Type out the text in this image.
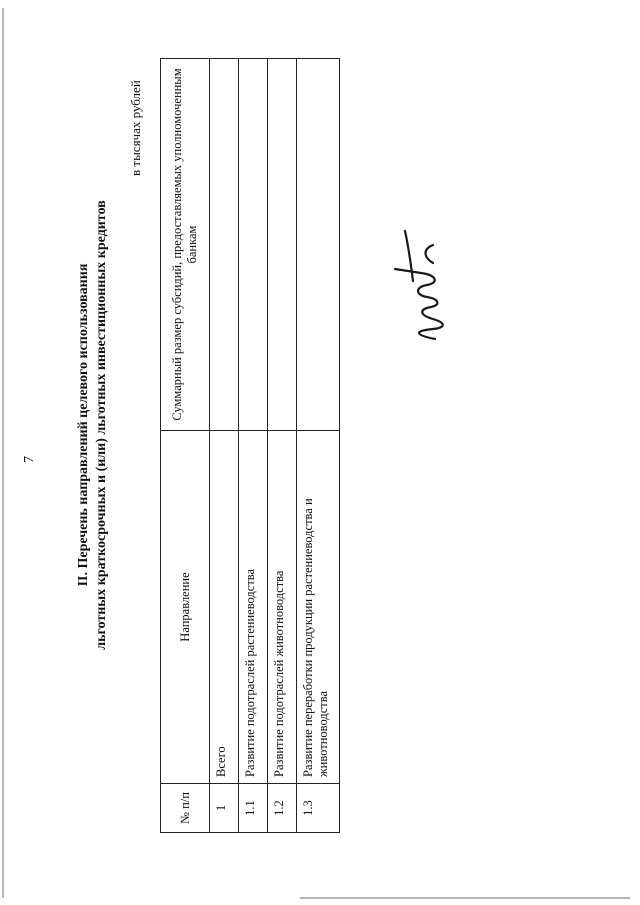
7	II. Перечень направлений целевого использования льготных краткосрочных и (или) льготных инвестиционных кредитов
в тысячах рублей
№ п/п	Направление	Суммарный размер субсидий, предоставляемых уполномоченным банкам
1	Всего	
1.1	Развитие подотраслей растениеводства	
1.2	Развитие подотраслей животноводства	
1.3	Развитие переработки продукции растениеводства и животноводства	
